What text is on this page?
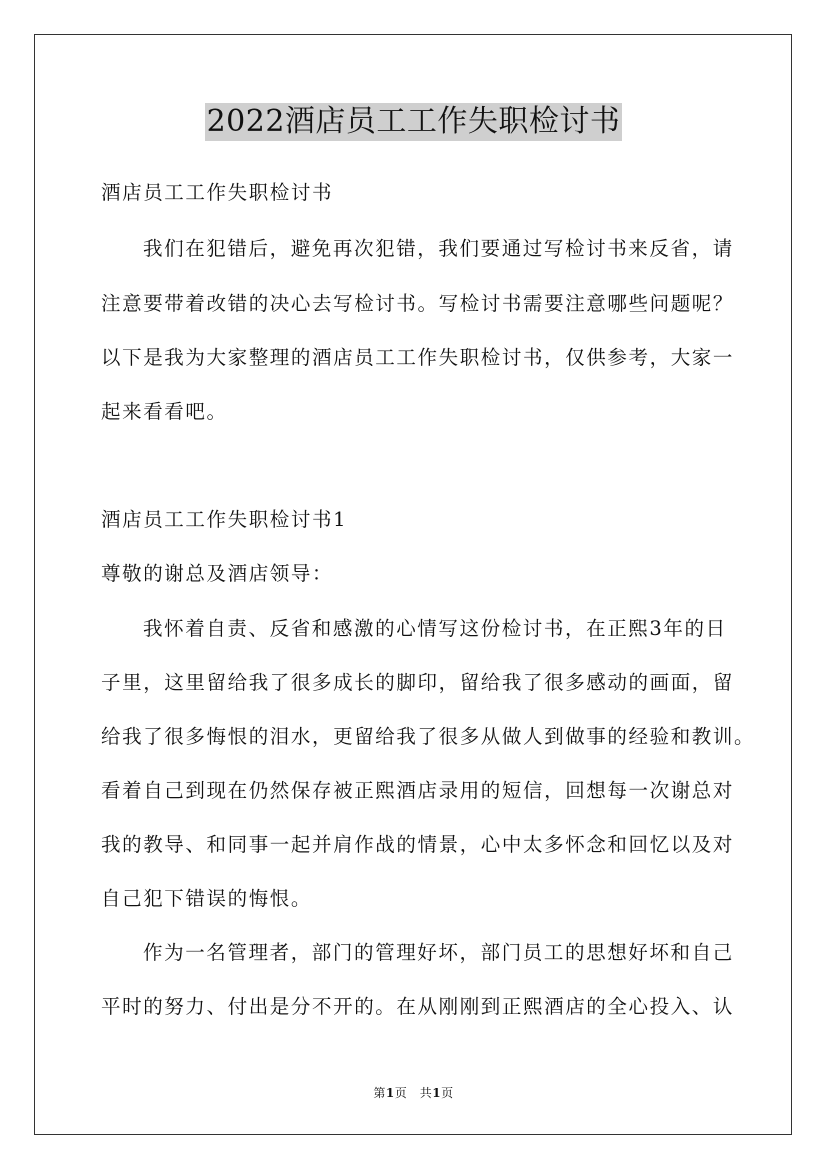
2022酒店员工工作失职检讨书
酒店员工工作失职检讨书
我们在犯错后，避免再次犯错，我们要通过写检讨书来反省，请
注意要带着改错的决心去写检讨书。写检讨书需要注意哪些问题呢？
以下是我为大家整理的酒店员工工作失职检讨书，仅供参考，大家一
起来看看吧。
酒店员工工作失职检讨书1
尊敬的谢总及酒店领导：
我怀着自责、反省和感激的心情写这份检讨书，在正熙3年的日
子里，这里留给我了很多成长的脚印，留给我了很多感动的画面，留
给我了很多悔恨的泪水，更留给我了很多从做人到做事的经验和教训。
看着自己到现在仍然保存被正熙酒店录用的短信，回想每一次谢总对
我的教导、和同事一起并肩作战的情景，心中太多怀念和回忆以及对
自己犯下错误的悔恨。
作为一名管理者，部门的管理好坏，部门员工的思想好坏和自己
平时的努力、付出是分不开的。在从刚刚到正熙酒店的全心投入、认
第1页　共1页
